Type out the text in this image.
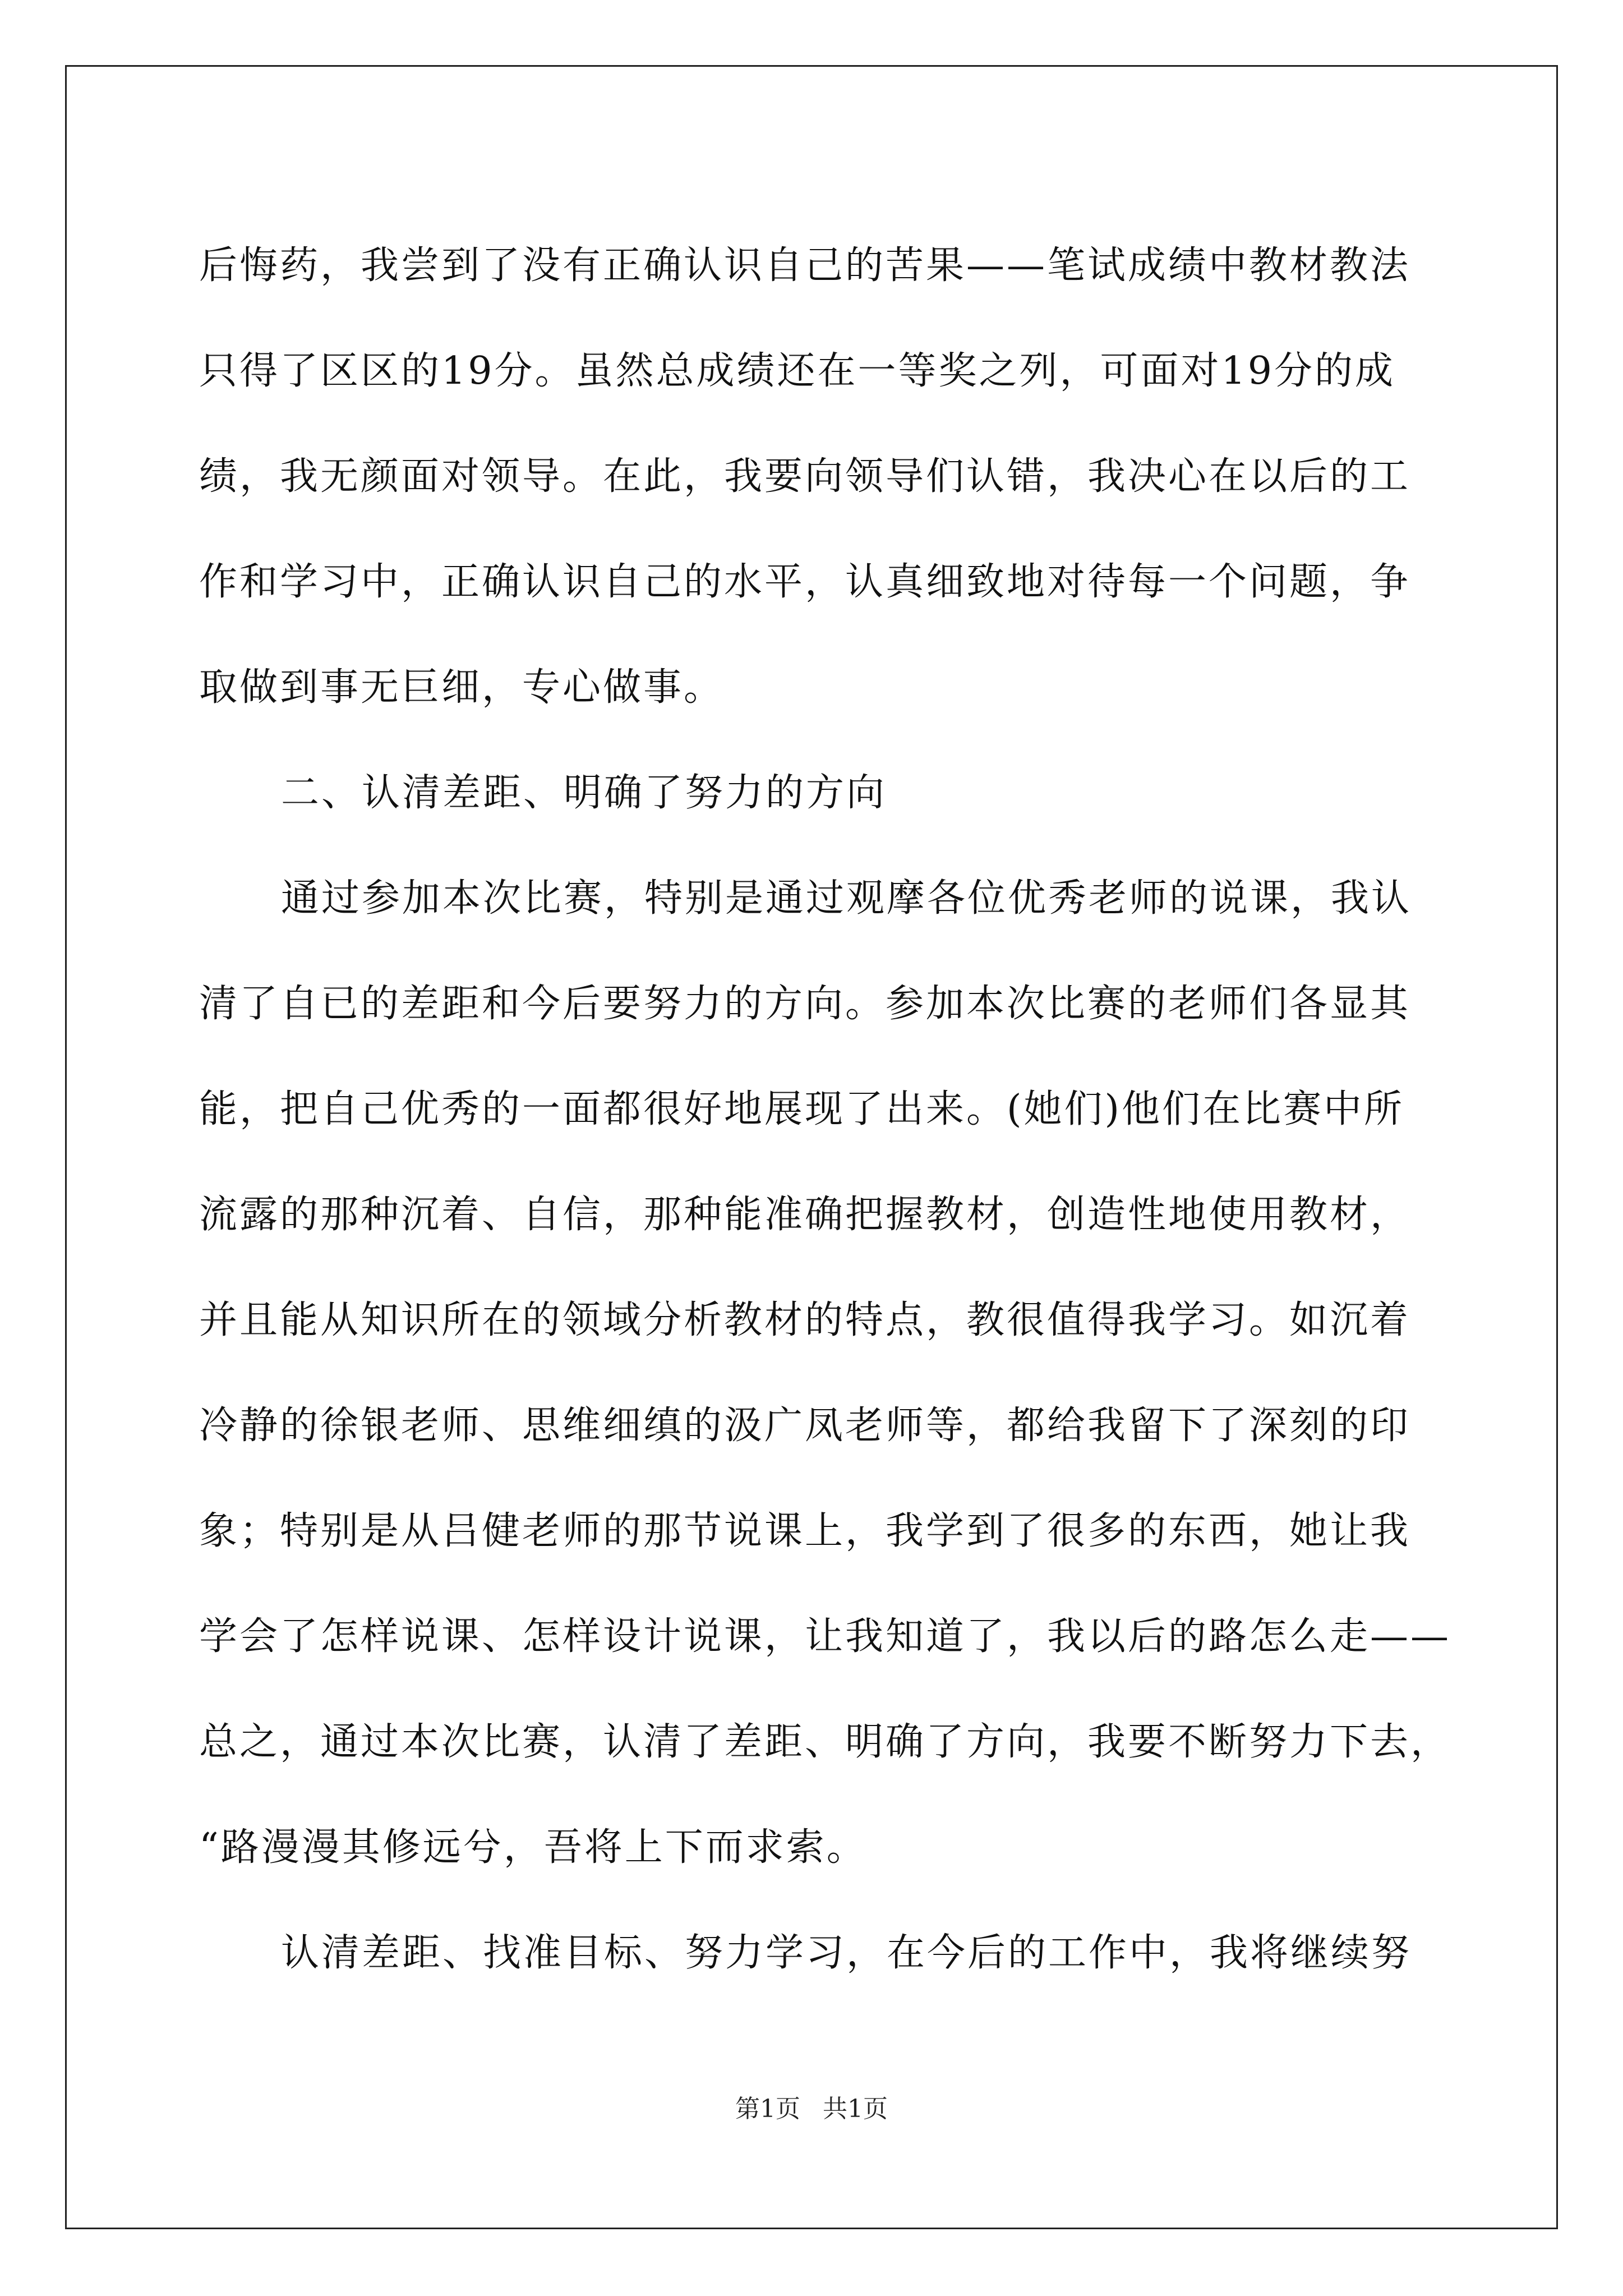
后悔药，我尝到了没有正确认识自己的苦果——笔试成绩中教材教法
只得了区区的19分。虽然总成绩还在一等奖之列，可面对19分的成
绩，我无颜面对领导。在此，我要向领导们认错，我决心在以后的工
作和学习中，正确认识自己的水平，认真细致地对待每一个问题，争
取做到事无巨细，专心做事。
二、认清差距、明确了努力的方向
通过参加本次比赛，特别是通过观摩各位优秀老师的说课，我认
清了自已的差距和今后要努力的方向。参加本次比赛的老师们各显其
能，把自己优秀的一面都很好地展现了出来。(她们)他们在比赛中所
流露的那种沉着、自信，那种能准确把握教材，创造性地使用教材，
并且能从知识所在的领域分析教材的特点，教很值得我学习。如沉着
冷静的徐银老师、思维细缜的汲广凤老师等，都给我留下了深刻的印
象；特别是从吕健老师的那节说课上，我学到了很多的东西，她让我
学会了怎样说课、怎样设计说课，让我知道了，我以后的路怎么走——
总之，通过本次比赛，认清了差距、明确了方向，我要不断努力下去，
“路漫漫其修远兮，吾将上下而求索。
认清差距、找准目标、努力学习，在今后的工作中，我将继续努
第1页 共1页
